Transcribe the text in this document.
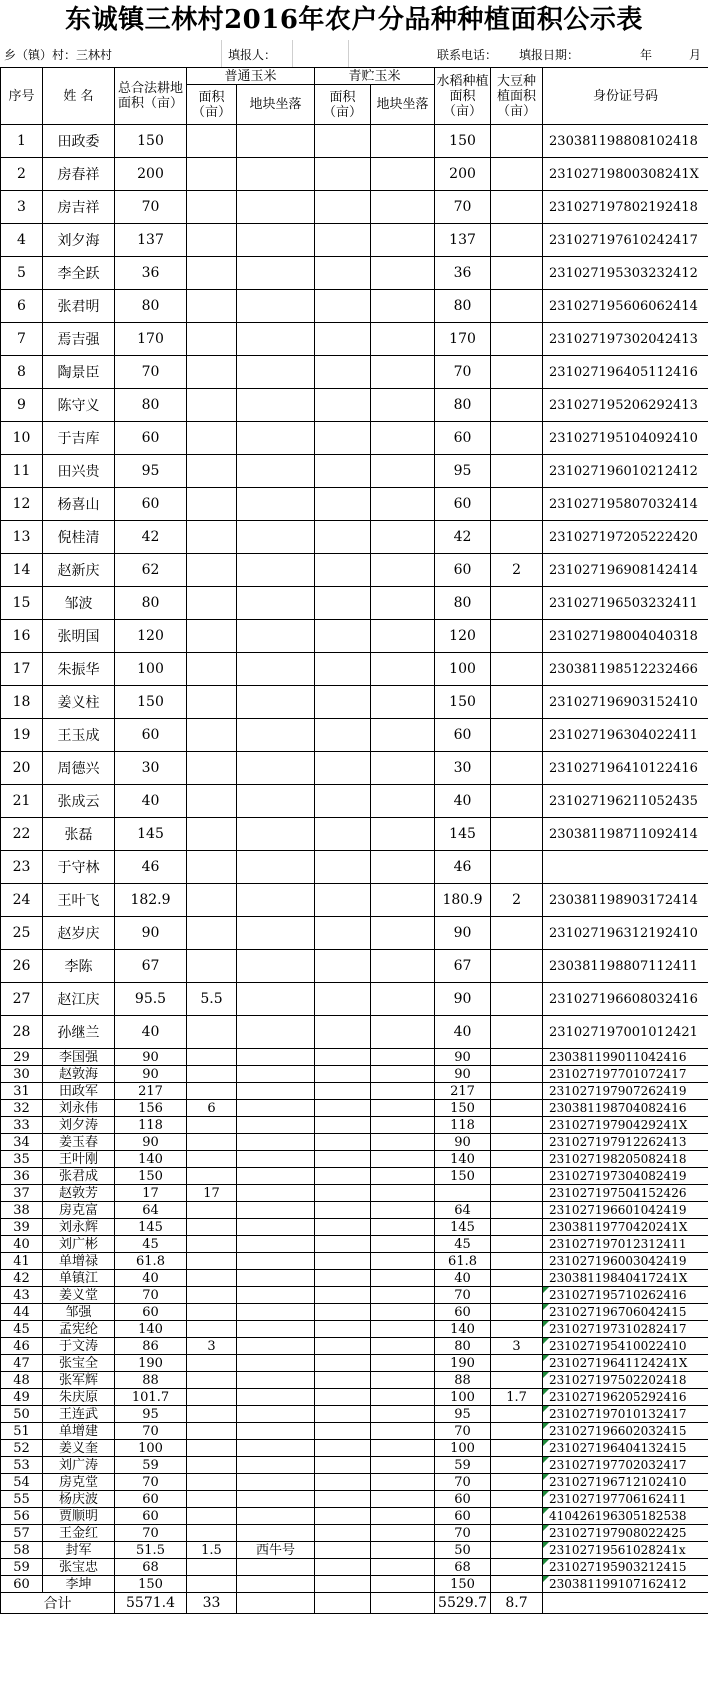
东诚镇三林村2016年农户分品种种植面积公示表
乡（镇）村：三林村	填报人：	联系电话： 填报日期：	年	月
序号	姓 名	总合法耕地面积（亩）	普通玉米		青贮玉米		水稻种植面积（亩）	大豆种植面积（亩）	身份证号码
			面积（亩）	地块坐落	面积（亩）	地块坐落			
1	田政委	150					150		230381198808102418
2	房春祥	200					200		23102719800308241X
3	房吉祥	70					70		231027197802192418
4	刘夕海	137					137		231027197610242417
5	李全跃	36					36		231027195303232412
6	张君明	80					80		231027195606062414
7	焉吉强	170					170		231027197302042413
8	陶景臣	70					70		231027196405112416
9	陈守义	80					80		231027195206292413
10	于吉库	60					60		231027195104092410
11	田兴贵	95					95		231027196010212412
12	杨喜山	60					60		231027195807032414
13	倪桂清	42					42		231027197205222420
14	赵新庆	62					60	2	231027196908142414
15	邹波	80					80		231027196503232411
16	张明国	120					120		231027198004040318
17	朱振华	100					100		230381198512232466
18	姜义柱	150					150		231027196903152410
19	王玉成	60					60		231027196304022411
20	周德兴	30					30		231027196410122416
21	张成云	40					40		231027196211052435
22	张磊	145					145		230381198711092414
23	于守林	46					46		
24	王叶飞	182.9					180.9	2	230381198903172414
25	赵岁庆	90					90		231027196312192410
26	李陈	67					67		230381198807112411
27	赵江庆	95.5	5.5				90		231027196608032416
28	孙继兰	40					40		231027197001012421
29	李国强	90					90		230381199011042416
30	赵敦海	90					90		231027197701072417
31	田政军	217					217		231027197907262419
32	刘永伟	156	6				150		230381198704082416
33	刘夕涛	118					118		23102719790429241X
34	姜玉春	90					90		231027197912262413
35	王叶刚	140					140		231027198205082418
36	张君成	150					150		231027197304082419
37	赵敦芳	17	17						231027197504152426
38	房克富	64					64		231027196601042419
39	刘永辉	145					145		23038119770420241X
40	刘广彬	45					45		231027197012312411
41	单增禄	61.8					61.8		231027196003042419
42	单镇江	40					40		23038119840417241X
43	姜义堂	70					70		231027195710262416
44	邹强	60					60		231027196706042415
45	孟宪纶	140					140		231027197310282417
46	于文涛	86	3				80	3	231027195410022410
47	张宝全	190					190		23102719641124241X
48	张军辉	88					88		231027197502202418
49	朱庆原	101.7					100	1.7	231027196205292416
50	王连武	95					95		231027197010132417
51	单增建	70					70		231027196602032415
52	姜义奎	100					100		231027196404132415
53	刘广涛	59					59		231027197702032417
54	房克堂	70					70		231027196712102410
55	杨庆波	60					60		231027197706162411
56	贾顺明	60					60		410426196305182538
57	王金红	70					70		231027197908022425
58	封军	51.5	1.5	西牛号			50		23102719561028241x
59	张宝忠	68					68		231027195903212415
60	李坤	150					150		230381199107162412
合计		5571.4	33				5529.7	8.7	
